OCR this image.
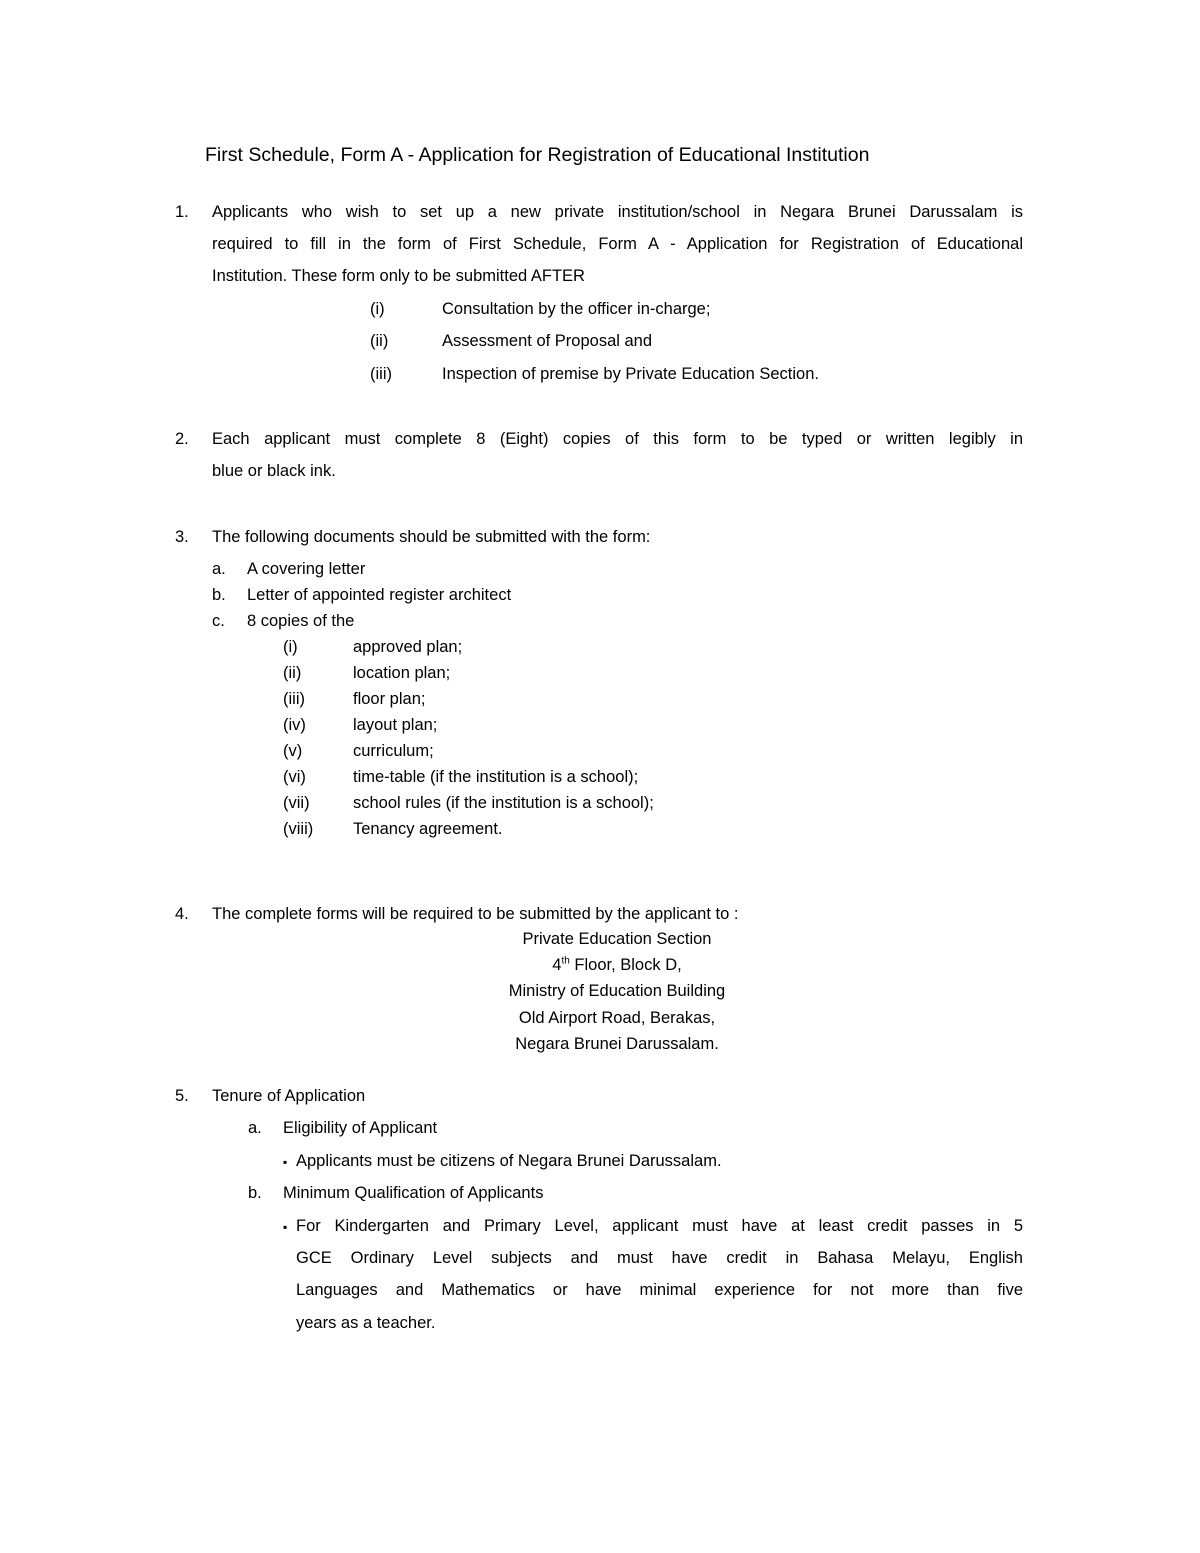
First Schedule, Form A - Application for Registration of Educational Institution
1. Applicants who wish to set up a new private institution/school in Negara Brunei Darussalam is
required to fill in the form of First Schedule, Form A - Application for Registration of Educational
Institution. These form only to be submitted AFTER
(i)	Consultation by the officer in-charge;
(ii)	Assessment of Proposal and
(iii)	Inspection of premise by Private Education Section.
2. Each applicant must complete 8 (Eight) copies of this form to be typed or written legibly in
blue or black ink.
3. The following documents should be submitted with the form:
a. A covering letter
b. Letter of appointed register architect
c. 8 copies of the
(i)	approved plan;
(ii)	location plan;
(iii)	floor plan;
(iv)	layout plan;
(v)	curriculum;
(vi)	time-table (if the institution is a school);
(vii)	school rules (if the institution is a school);
(viii) Tenancy agreement.
4. The complete forms will be required to be submitted by the applicant to :
Private Education Section
4th Floor, Block D,
Ministry of Education Building
Old Airport Road, Berakas,
Negara Brunei Darussalam.
5. Tenure of Application
a. Eligibility of Applicant
▪ Applicants must be citizens of Negara Brunei Darussalam.
b. Minimum Qualification of Applicants
▪ For Kindergarten and Primary Level, applicant must have at least credit passes in 5
GCE Ordinary Level subjects and must have credit in Bahasa Melayu, English
Languages and Mathematics or have minimal experience for not more than five
years as a teacher.
